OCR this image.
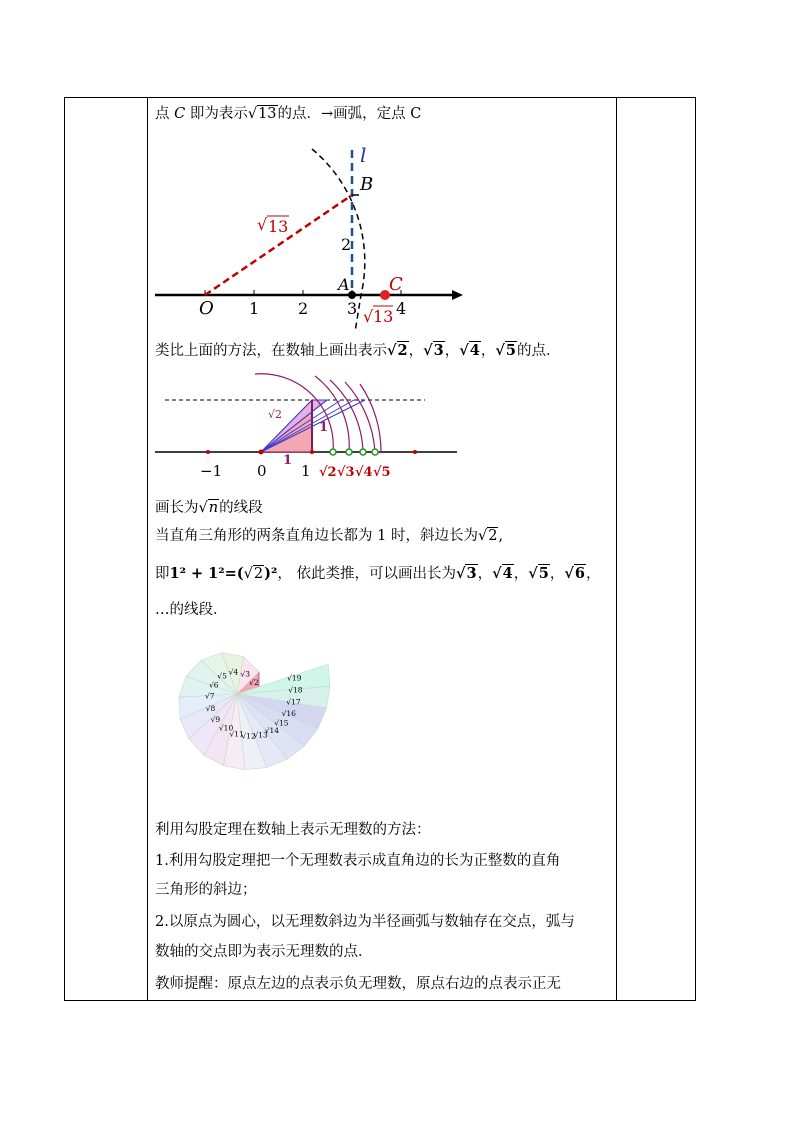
点 C 即为表示√13的点．→画弧，定点 C
l
B
√ 13
2
O
A C
1 2 3 4
√ 13
类比上面的方法，在数轴上画出表示√2，√3，√4，√5的点．
√2
1
1
−1 0 1 √2 √3 √4 √5
画长为√n的线段
当直角三角形的两条直角边长都为 1 时，斜边长为√2,
即1² + 1²=(√2)²， 依此类推，可以画出长为√3，√4，√5，√6，
…的线段．
√2
√3
√4
√5
√6
√7
√8
√9
√10
√11
√12
√13
√14
√15
√16
√17
√18
√19
利用勾股定理在数轴上表示无理数的方法：
1.利用勾股定理把一个无理数表示成直角边的长为正整数的直角
三角形的斜边；
2.以原点为圆心，以无理数斜边为半径画弧与数轴存在交点，弧与
数轴的交点即为表示无理数的点．
教师提醒：原点左边的点表示负无理数，原点右边的点表示正无
